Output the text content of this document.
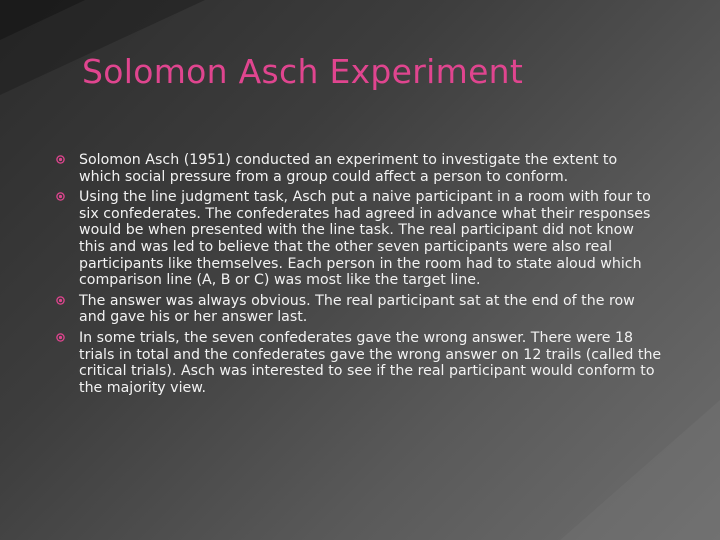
Solomon Asch Experiment
Solomon Asch (1951) conducted an experiment to investigate the extent to which social pressure from a group could affect a person to conform.
Using the line judgment task, Asch put a naive participant in a room with four to six confederates. The confederates had agreed in advance what their responses would be when presented with the line task. The real participant did not know this and was led to believe that the other seven participants were also real participants like themselves. Each person in the room had to state aloud which comparison line (A, B or C) was most like the target line.
The answer was always obvious. The real participant sat at the end of the row and gave his or her answer last.
In some trials, the seven confederates gave the wrong answer. There were 18 trials in total and the confederates gave the wrong answer on 12 trails (called the critical trials). Asch was interested to see if the real participant would conform to the majority view.
